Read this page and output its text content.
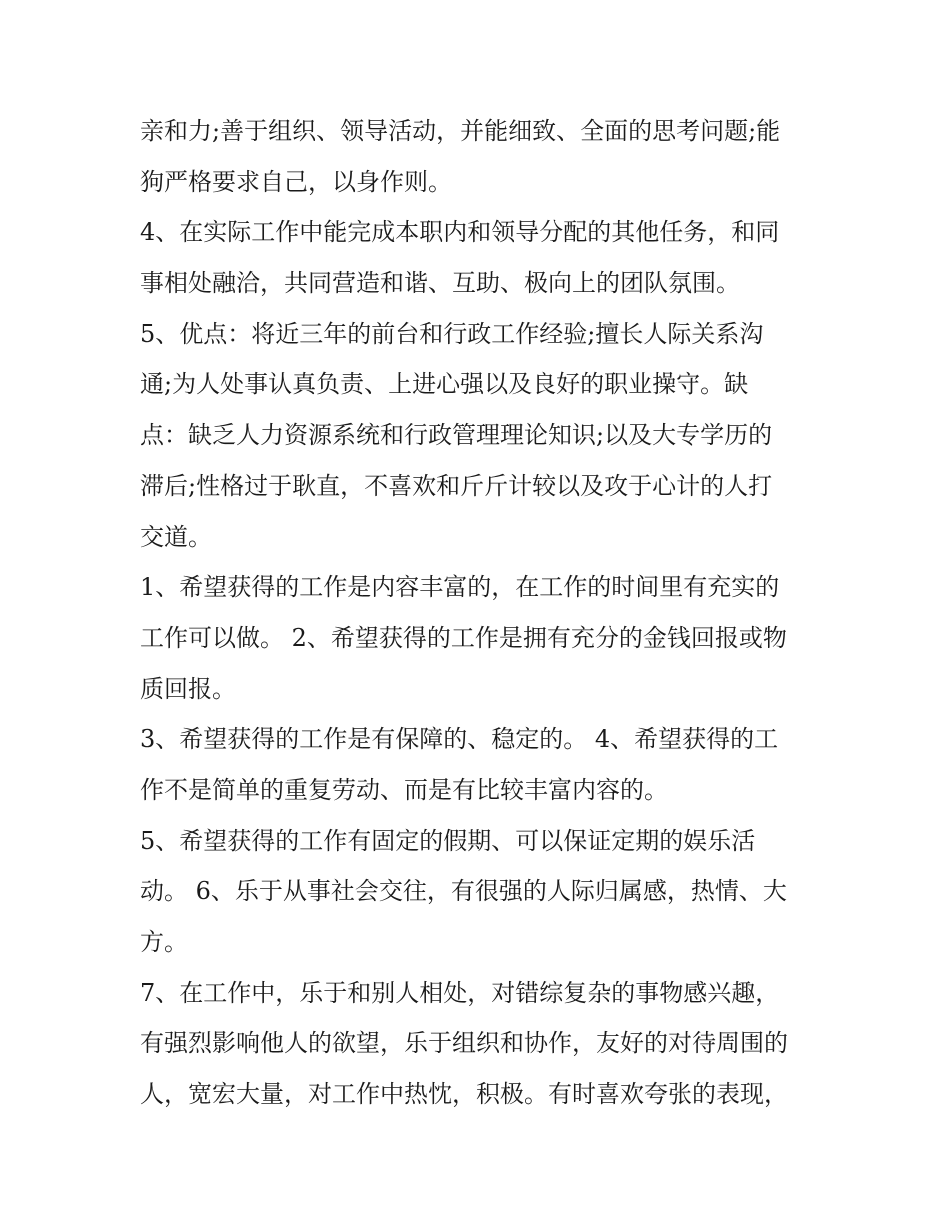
亲和力;善于组织、领导活动，并能细致、全面的思考问题;能
狗严格要求自己，以身作则。
4、在实际工作中能完成本职内和领导分配的其他任务，和同
事相处融洽，共同营造和谐、互助、极向上的团队氛围。
5、优点：将近三年的前台和行政工作经验;擅长人际关系沟
通;为人处事认真负责、上进心强以及良好的职业操守。缺
点：缺乏人力资源系统和行政管理理论知识;以及大专学历的
滞后;性格过于耿直，不喜欢和斤斤计较以及攻于心计的人打
交道。
1、希望获得的工作是内容丰富的，在工作的时间里有充实的
工作可以做。 2、希望获得的工作是拥有充分的金钱回报或物
质回报。
3、希望获得的工作是有保障的、稳定的。 4、希望获得的工
作不是简单的重复劳动、而是有比较丰富内容的。
5、希望获得的工作有固定的假期、可以保证定期的娱乐活
动。 6、乐于从事社会交往，有很强的人际归属感，热情、大
方。
7、在工作中，乐于和别人相处，对错综复杂的事物感兴趣，
有强烈影响他人的欲望，乐于组织和协作，友好的对待周围的
人，宽宏大量，对工作中热忱，积极。有时喜欢夸张的表现，
